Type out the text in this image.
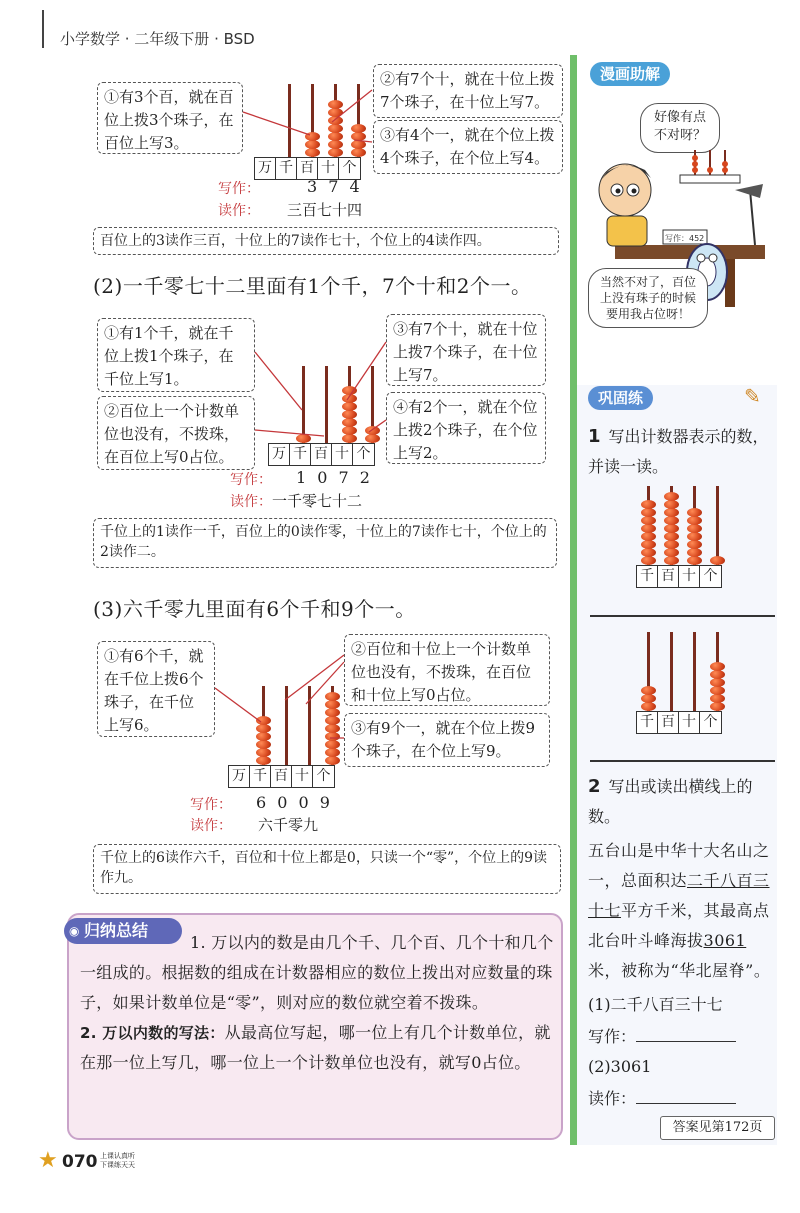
小学数学 · 二年级下册 · BSD
①有3个百，就在百位上拨3个珠子，在百位上写3。
②有7个十，就在十位上拨7个珠子，在十位上写7。
③有4个一，就在个位上拨4个珠子，在个位上写4。
万 千 百 十 个
写作：	3 7 4
读作： 三百七十四
百位上的3读作三百，十位上的7读作七十，个位上的4读作四。
(2)一千零七十二里面有1个千，7个十和2个一。
①有1个千，就在千位上拨1个珠子，在千位上写1。
②百位上一个计数单位也没有，不拨珠，在百位上写0占位。
③有7个十，就在十位上拨7个珠子，在十位上写7。
④有2个一，就在个位上拨2个珠子，在个位上写2。
万 千 百 十 个
写作： 1 0 7 2
读作： 一千零七十二
千位上的1读作一千，百位上的0读作零，十位上的7读作七十，个位上的2读作二。
(3)六千零九里面有6个千和9个一。
①有6个千，就在千位上拨6个珠子，在千位上写6。
②百位和十位上一个计数单位也没有，不拨珠，在百位和十位上写0占位。
③有9个一，就在个位上拨9个珠子，在个位上写9。
万 千 百 十 个
写作： 6 0 0 9
读作： 六千零九
千位上的6读作六千，百位和十位上都是0，只读一个“零”，个位上的9读作九。
◉ 归纳总结
1. 万以内的数是由几个千、几个百、几个十和几个一组成的。根据数的组成在计数器相应的数位上拨出对应数量的珠子，如果计数单位是“零”，则对应的数位就空着不拨珠。
2. 万以内数的写法：从最高位写起，哪一位上有几个计数单位，就在那一位上写几，哪一位上一个计数单位也没有，就写0占位。
漫画助解
好像有点不对呀？
写作：452
当然不对了，百位上没有珠子的时候要用我占位呀！
巩固练	✎
1 写出计数器表示的数，并读一读。
千 百 十 个
千 百 十 个
2 写出或读出横线上的数。
五台山是中华十大名山之一，总面积达二千八百三十七平方千米，其最高点北台叶斗峰海拔3061米，被称为“华北屋脊”。
(1)二千八百三十七
写作：
(2)3061
读作：
答案见第172页
★ 070 上课认真听
下课练天天
